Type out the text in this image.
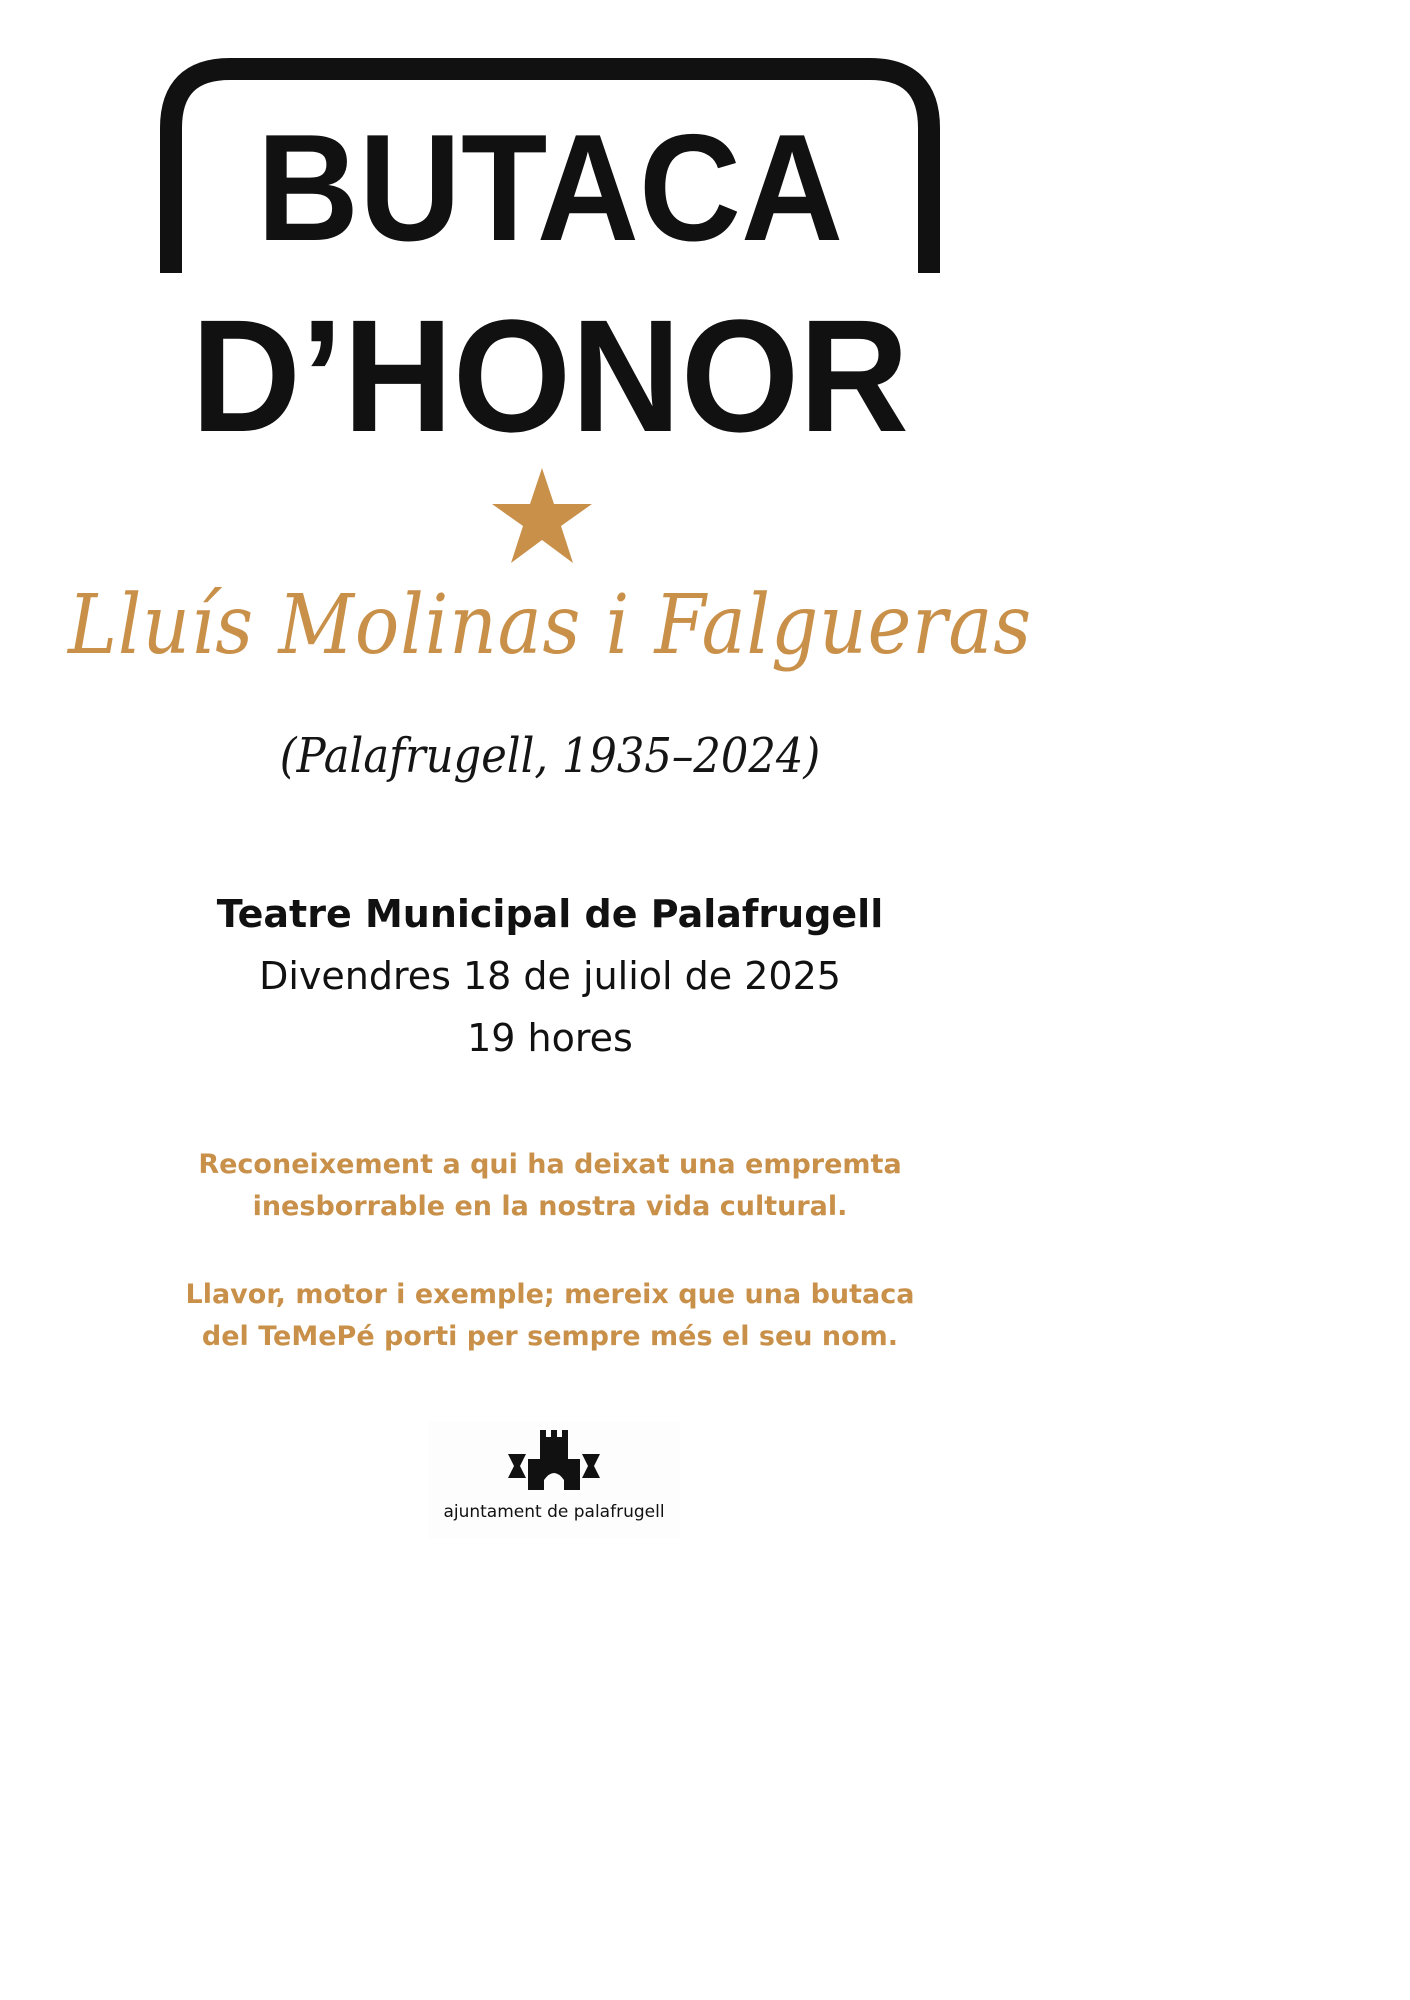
BUTACA
D’HONOR
Lluís Molinas i Falgueras
(Palafrugell, 1935–2024)
Teatre Municipal de Palafrugell
Divendres 18 de juliol de 2025
19 hores
Reconeixement a qui ha deixat una empremta
inesborrable en la nostra vida cultural.
Llavor, motor i exemple; mereix que una butaca
del TeMePé porti per sempre més el seu nom.
ajuntament de palafrugell
